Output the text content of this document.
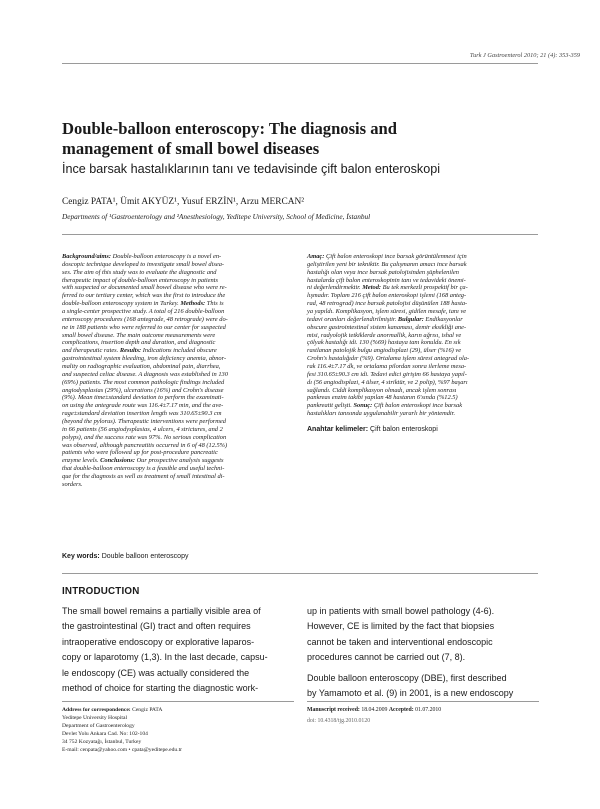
Turk J Gastroenterol 2010; 21 (4): 353-359
Double-balloon enteroscopy: The diagnosis and
management of small bowel diseases
İnce barsak hastalıklarının tanı ve tedavisinde çift balon enteroskopi
Cengiz PATA¹, Ümit AKYÜZ¹, Yusuf ERZİN¹, Arzu MERCAN²
Departments of ¹Gastroenterology and ²Anesthesiology, Yeditepe University, School of Medicine, İstanbul
Background/aims: Double-balloon enteroscopy is a novel en-
doscopic technique developed to investigate small bowel disea-
ses. The aim of this study was to evaluate the diagnostic and
therapeutic impact of double-balloon enteroscopy in patients
with suspected or documented small bowel disease who were re-
ferred to our tertiary center, which was the first to introduce the
double-balloon enteroscopy system in Turkey. Methods: This is
a single-center prospective study. A total of 216 double-balloon
enteroscopy procedures (168 antegrade, 48 retrograde) were do-
ne in 188 patients who were referred to our center for suspected
small bowel disease. The main outcome measurements were
complications, insertion depth and duration, and diagnostic
and therapeutic rates. Results: Indications included obscure
gastrointestinal system bleeding, iron deficiency anemia, abnor-
mality on radiographic evaluation, abdominal pain, diarrhea,
and suspected celiac disease. A diagnosis was established in 130
(69%) patients. The most common pathologic findings included
angiodysplasias (29%), ulcerations (16%) and Crohn's disease
(9%). Mean time±standard deviation to perform the examinati-
on using the antegrade route was 116.4±7.17 min, and the ave-
rage±standard deviation insertion length was 310.65±90.3 cm
(beyond the pylorus). Therapeutic interventions were performed
in 66 patients (56 angiodysplasias, 4 ulcers, 4 strictures, and 2
polyps), and the success rate was 97%. No serious complication
was observed, although pancreatitis occurred in 6 of 48 (12.5%)
patients who were followed up for post-procedure pancreatic
enzyme levels. Conclusions: Our prospective analysis suggests
that double-balloon enteroscopy is a feasible and useful techni-
que for the diagnosis as well as treatment of small intestinal di-
sorders.
Key words: Double balloon enteroscopy
Amaç: Çift balon enteroskopi ince barsak görüntülenmesi için
geliştirilen yeni bir tekniktir. Bu çalışmanın amacı ince barsak
hastalığı olan veya ince barsak patolojisinden şüphelenilen
hastalarda çift balon enteroskopinin tanı ve tedavideki önemi-
ni değerlendirmektir. Metod: Bu tek merkezli prospektif bir ça-
lışmadır. Toplam 216 çift balon enteroskopi işlemi (168 anteg-
rad, 48 retrograd) ince barsak patolojisi düşünülen 188 hasta-
ya yapıldı. Komplikasyon, işlem süresi, gidilen mesafe, tanı ve
tedavi oranları değerlendirilmiştir. Bulgular: Endikasyonlar
obscure gastrointestinal sistem kanaması, demir eksikliği ane-
misi, radyolojik tetkiklerde anormallik, karın ağrısı, ishal ve
çölyak hastalığı idi. 130 (%69) hastaya tanı konuldu. En sık
rastlanan patolojik bulgu angiodisplazi (29), ülser (%16) ve
Crohn's hastalığıdır (%9). Ortalama işlem süresi antegrad ola-
rak 116.4±7.17 dk, ve ortalama pilordan sonra ilerleme mesa-
fesi 310.65±90.3 cm idi. Tedavi edici girişim 66 hastaya yapıl-
dı (56 angiodisplazi, 4 ülser, 4 striktür, ve 2 polip), %97 başarı
sağlandı. Ciddi komplikasyon olmadı, ancak işlem sonrası
pankreas enzim takibi yapılan 48 hastanın 6'sında (%12.5)
pankreatit gelişti. Sonuç: Çift balon enteroskopi ince barsak
hastalıkları tanısında uygulanabilir yararlı bir yöntemdir.
Anahtar kelimeler: Çift balon enteroskopi
INTRODUCTION
The small bowel remains a partially visible area of
the gastrointestinal (GI) tract and often requires
intraoperative endoscopy or explorative laparos-
copy or laparotomy (1,3). In the last decade, capsu-
le endoscopy (CE) was actually considered the
method of choice for starting the diagnostic work-
up in patients with small bowel pathology (4-6).
However, CE is limited by the fact that biopsies
cannot be taken and interventional endoscopic
procedures cannot be carried out (7, 8).
Double balloon enteroscopy (DBE), first described
by Yamamoto et al. (9) in 2001, is a new endoscopy
Address for correspondence: Cengiz PATA
Yeditepe University Hospital
Department of Gastroenterology
Devlet Yolu Ankara Cad. No: 102-104
34 752 Kozyatağı, İstanbul, Turkey
E-mail: cenpata@yahoo.com • cpata@yeditepe.edu.tr
Manuscript received: 18.04.2009 Accepted: 01.07.2010
doi: 10.4318/tjg.2010.0120
